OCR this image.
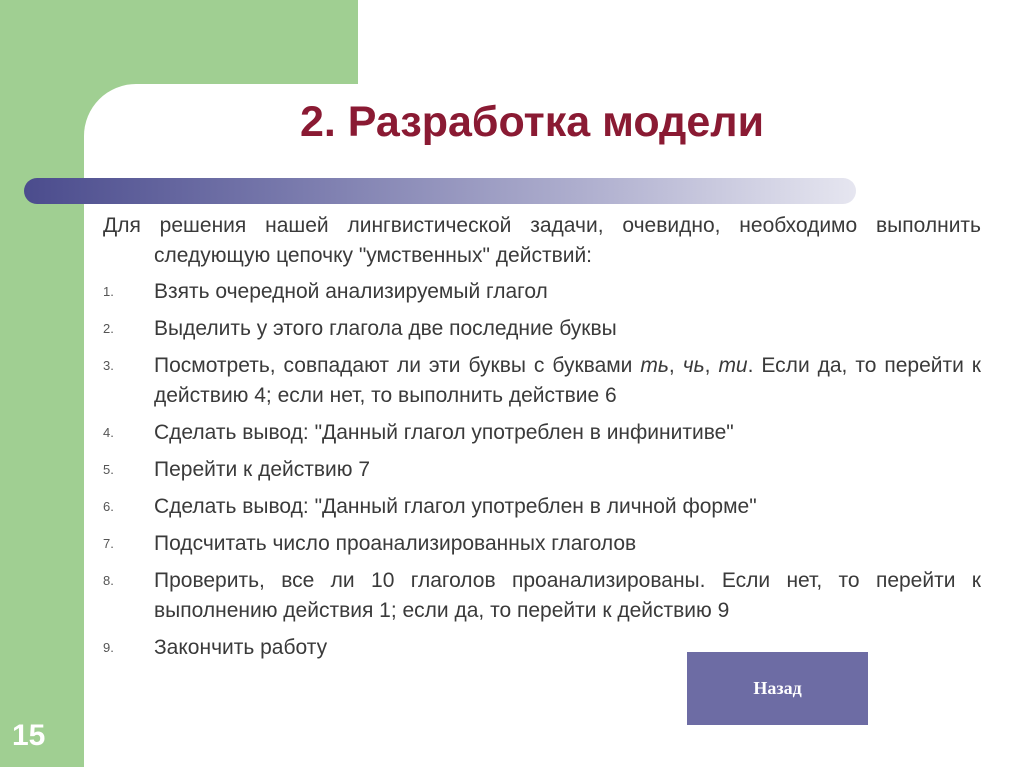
2. Разработка модели

Для решения нашей лингвистической задачи, очевидно, необходимо выполнить следующую цепочку "умственных" действий:

1. Взять очередной анализируемый глагол
2. Выделить у этого глагола две последние буквы
3. Посмотреть, совпадают ли эти буквы с буквами ть, чь, ти. Если да, то перейти к действию 4; если нет, то выполнить действие 6
4. Сделать вывод: "Данный глагол употреблен в инфинитиве"
5. Перейти к действию 7
6. Сделать вывод: "Данный глагол употреблен в личной форме"
7. Подсчитать число проанализированных глаголов
8. Проверить, все ли 10 глаголов проанализированы. Если нет, то перейти к выполнению действия 1; если да, то перейти к действию 9
9. Закончить работу
Назад
15
